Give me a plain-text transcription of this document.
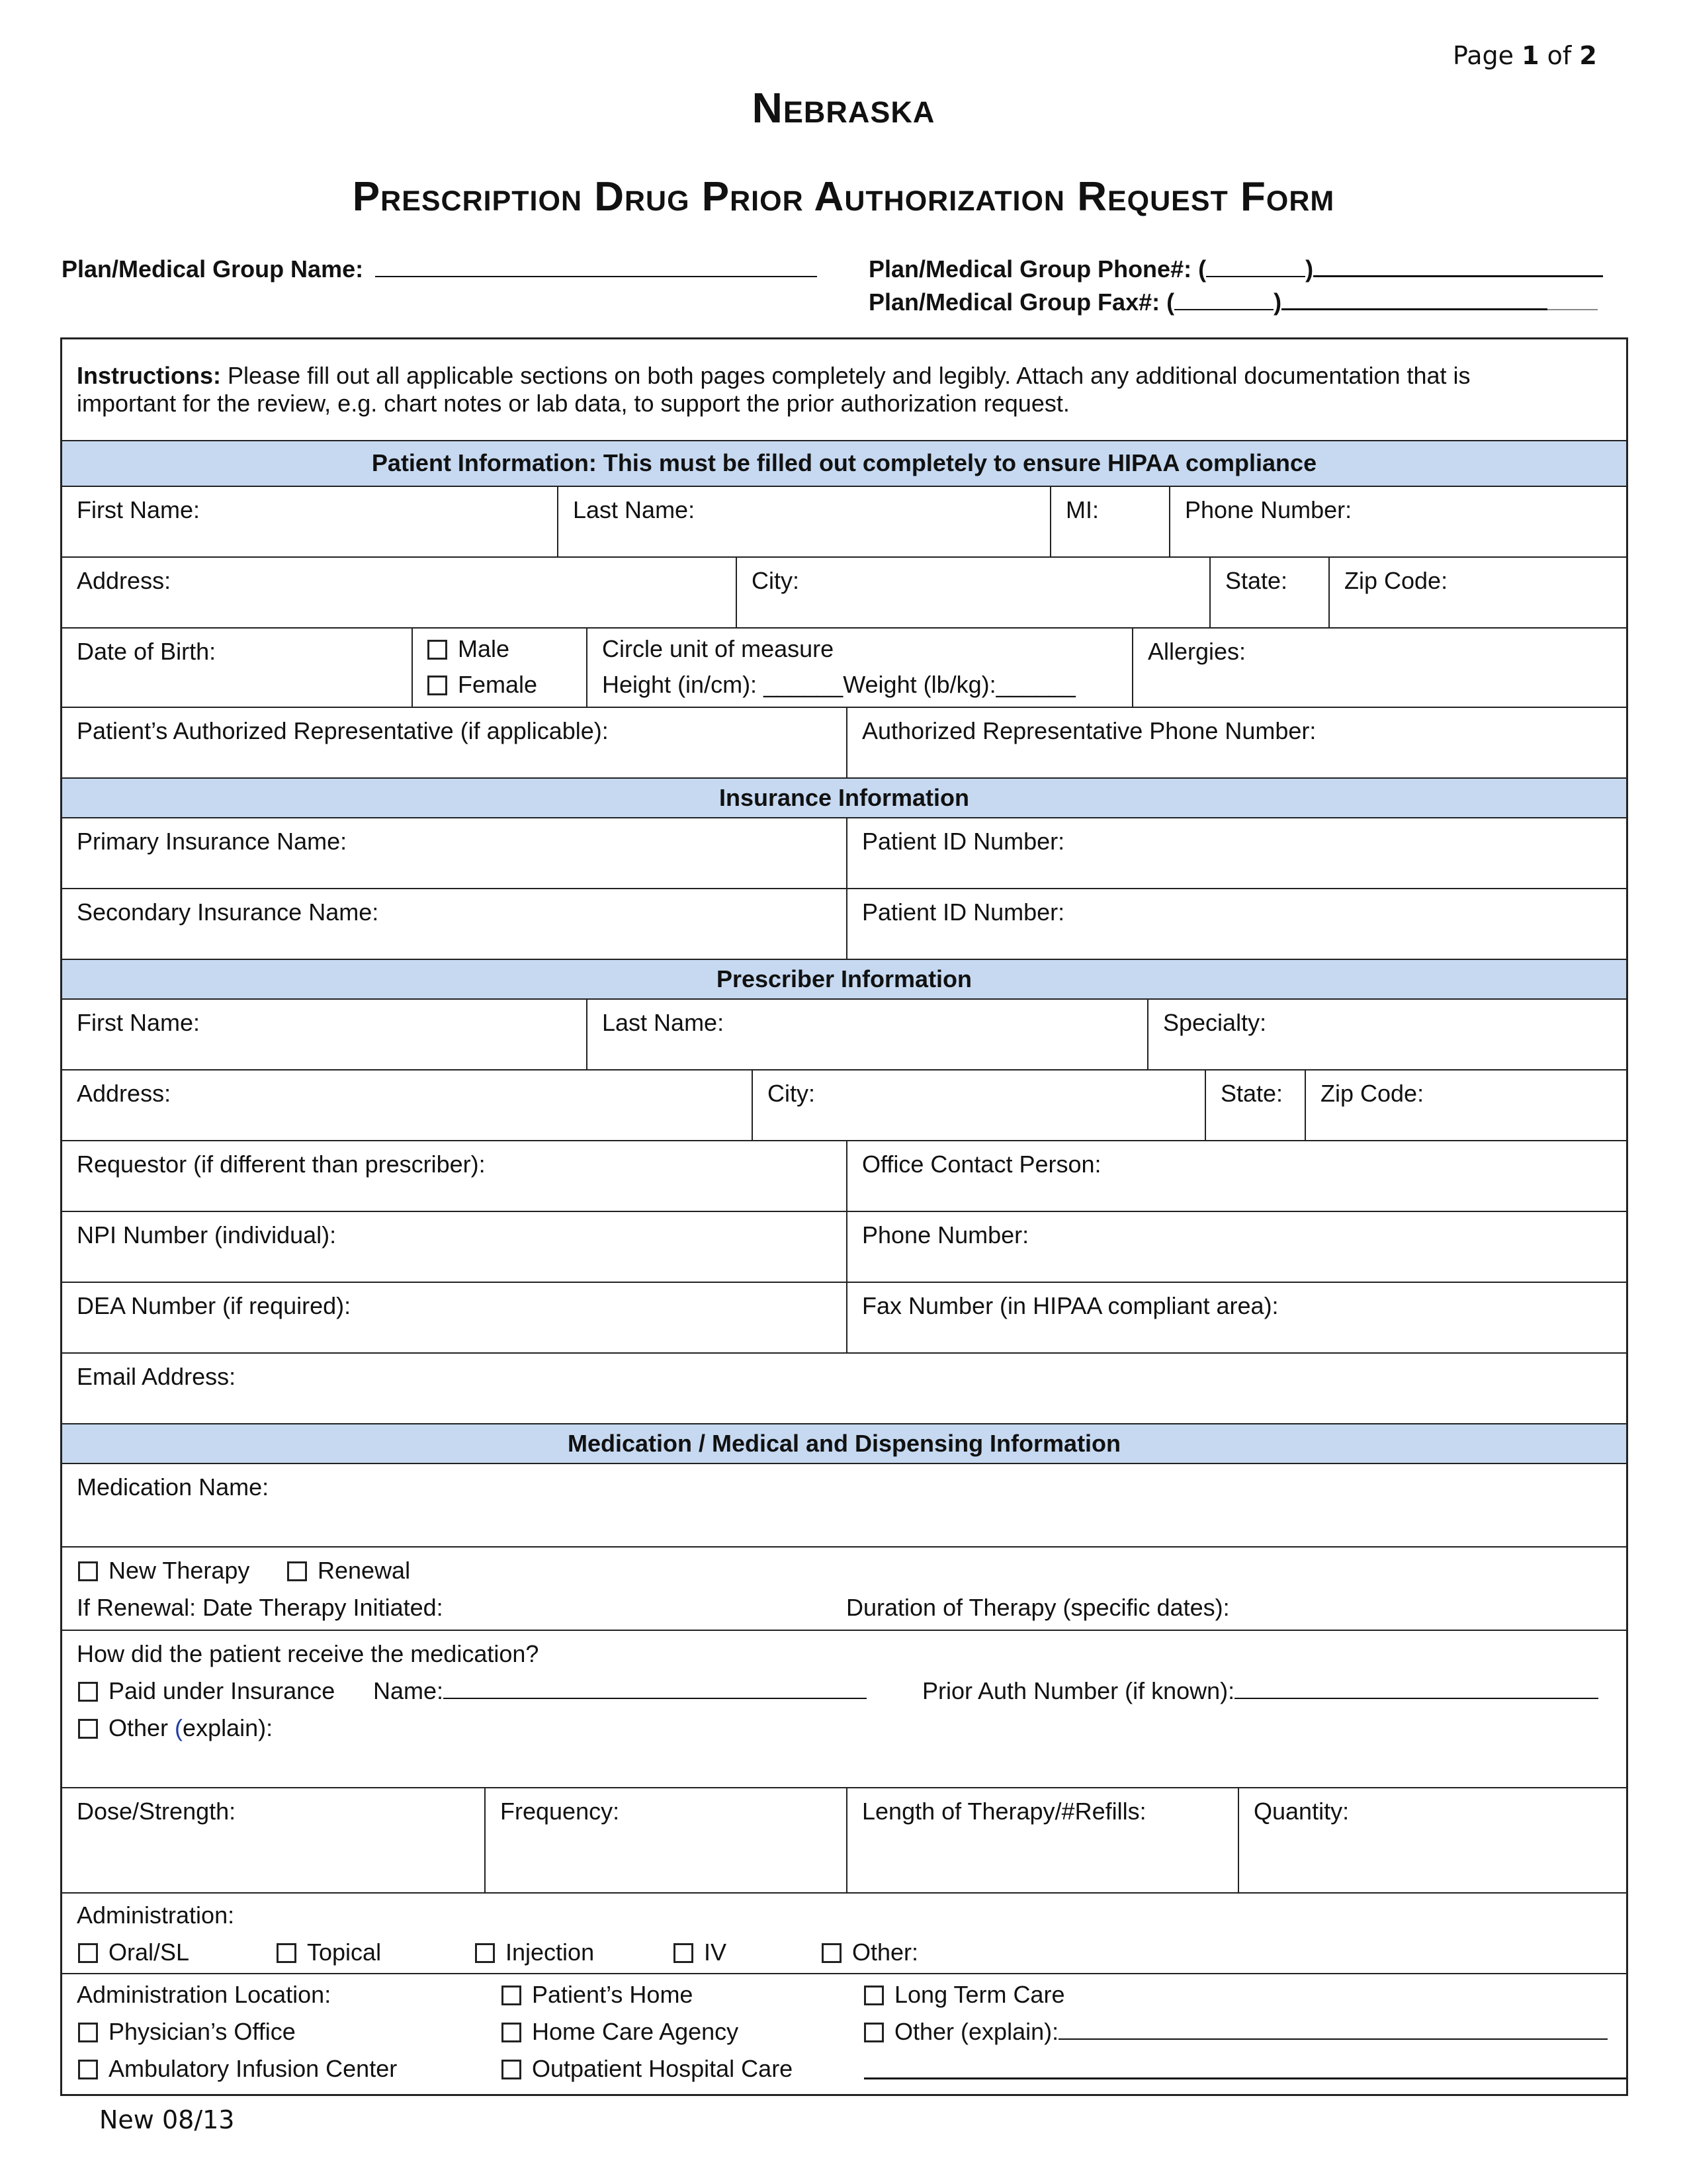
Page 1 of 2
Nebraska
Prescription Drug Prior Authorization Request Form
Plan/Medical Group Name:	Plan/Medical Group Phone#: (	)
Plan/Medical Group Fax#: (	)
Instructions: Please fill out all applicable sections on both pages completely and legibly. Attach any additional documentation that is
important for the review, e.g. chart notes or lab data, to support the prior authorization request.
Patient Information: This must be filled out completely to ensure HIPAA compliance
First Name:	Last Name:	MI:	Phone Number:
Address:	City:	State:	Zip Code:
Date of Birth:	Male
Female
Circle unit of measure
Height (in/cm): ______Weight (lb/kg):______
Allergies:
Patient’s Authorized Representative (if applicable):	Authorized Representative Phone Number:
Insurance Information
Primary Insurance Name:	Patient ID Number:
Secondary Insurance Name:	Patient ID Number:
Prescriber Information
First Name:	Last Name:	Specialty:
Address:	City:	State:	Zip Code:
Requestor (if different than prescriber):	Office Contact Person:
NPI Number (individual):	Phone Number:
DEA Number (if required):	Fax Number (in HIPAA compliant area):
Email Address:
Medication / Medical and Dispensing Information
Medication Name:
New Therapy	Renewal
If Renewal: Date Therapy Initiated:	Duration of Therapy (specific dates):
How did the patient receive the medication?
Paid under Insurance Name:	Prior Auth Number (if known):
Other (explain):
Dose/Strength:	Frequency:	Length of Therapy/#Refills:	Quantity:
Administration:
Oral/SL	Topical	Injection	IV	Other:
Administration Location:
Physician’s Office
Ambulatory Infusion Center
Patient’s Home
Home Care Agency
Outpatient Hospital Care
Long Term Care
Other (explain):
New 08/13
